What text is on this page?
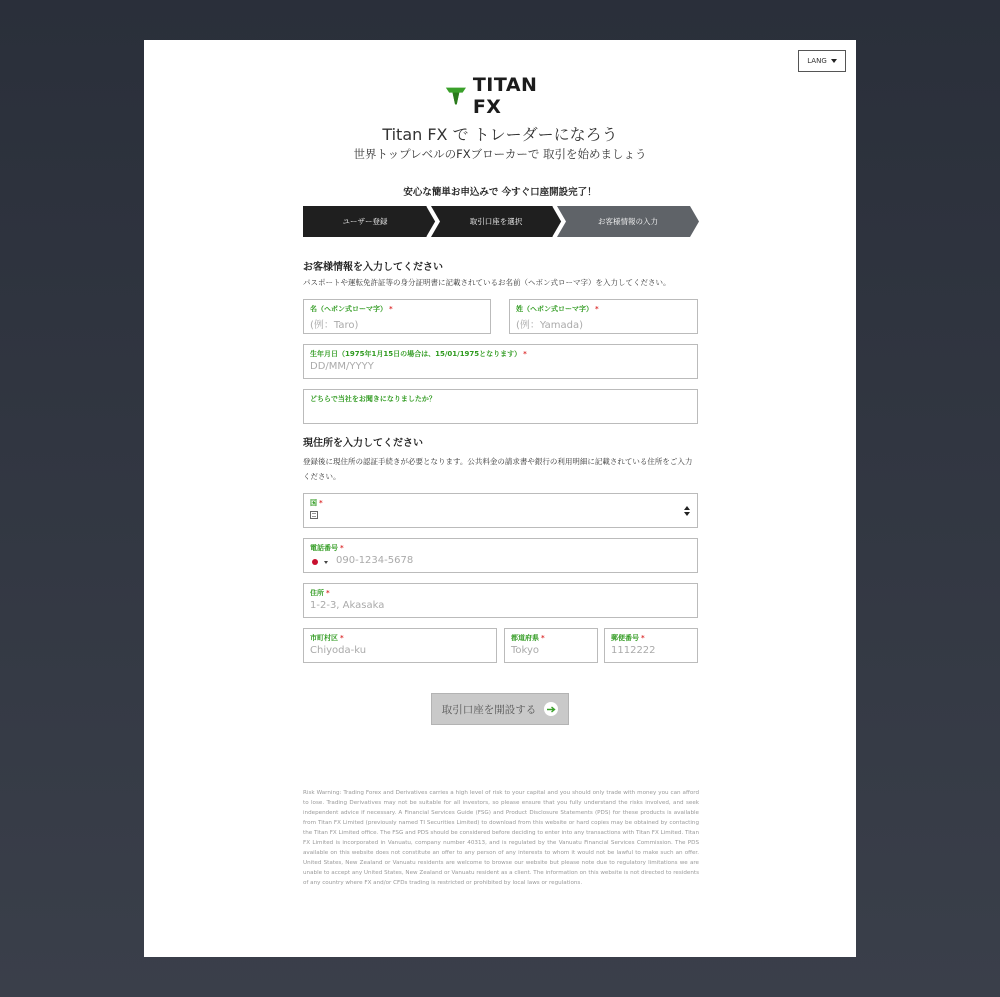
LANG
TITAN FX
Titan FX で トレーダーになろう
世界トップレベルのFXブローカーで 取引を始めましょう
安心な簡単お申込みで 今すぐ口座開設完了！
ユーザー登録	取引口座を選択	お客様情報の入力
お客様情報を入力してください
パスポートや運転免許証等の身分証明書に記載されているお名前（ヘボン式ローマ字）を入力してください。
名（ヘボン式ローマ字） *
(例：Taro)
姓（ヘボン式ローマ字） *
(例：Yamada)
生年月日（1975年1月15日の場合は、15/01/1975となります） *
DD/MM/YYYY
どちらで当社をお聞きになりましたか？
現住所を入力してください
登録後に現住所の認証手続きが必要となります。公共料金の請求書や銀行の利用明細に記載されている住所をご入力ください。
国 *
電話番号 *
090-1234-5678
住所 *
1-2-3, Akasaka
市町村区 *
Chiyoda-ku
都道府県 *
Tokyo
郵便番号 *
1112222
取引口座を開設する
Risk Warning: Trading Forex and Derivatives carries a high level of risk to your capital and you should only trade with money you can afford to lose. Trading Derivatives may not be suitable for all investors, so please ensure that you fully understand the risks involved, and seek independent advice if necessary. A Financial Services Guide (FSG) and Product Disclosure Statements (PDS) for these products is available from Titan FX Limited (previously named TI Securities Limited) to download from this website or hard copies may be obtained by contacting the Titan FX Limited office. The FSG and PDS should be considered before deciding to enter into any transactions with Titan FX Limited. Titan FX Limited is incorporated in Vanuatu, company number 40313, and is regulated by the Vanuatu Financial Services Commission. The PDS available on this website does not constitute an offer to any person of any interests to whom it would not be lawful to make such an offer. United States, New Zealand or Vanuatu residents are welcome to browse our website but please note due to regulatory limitations we are unable to accept any United States, New Zealand or Vanuatu resident as a client. The information on this website is not directed to residents of any country where FX and/or CFDs trading is restricted or prohibited by local laws or regulations.
